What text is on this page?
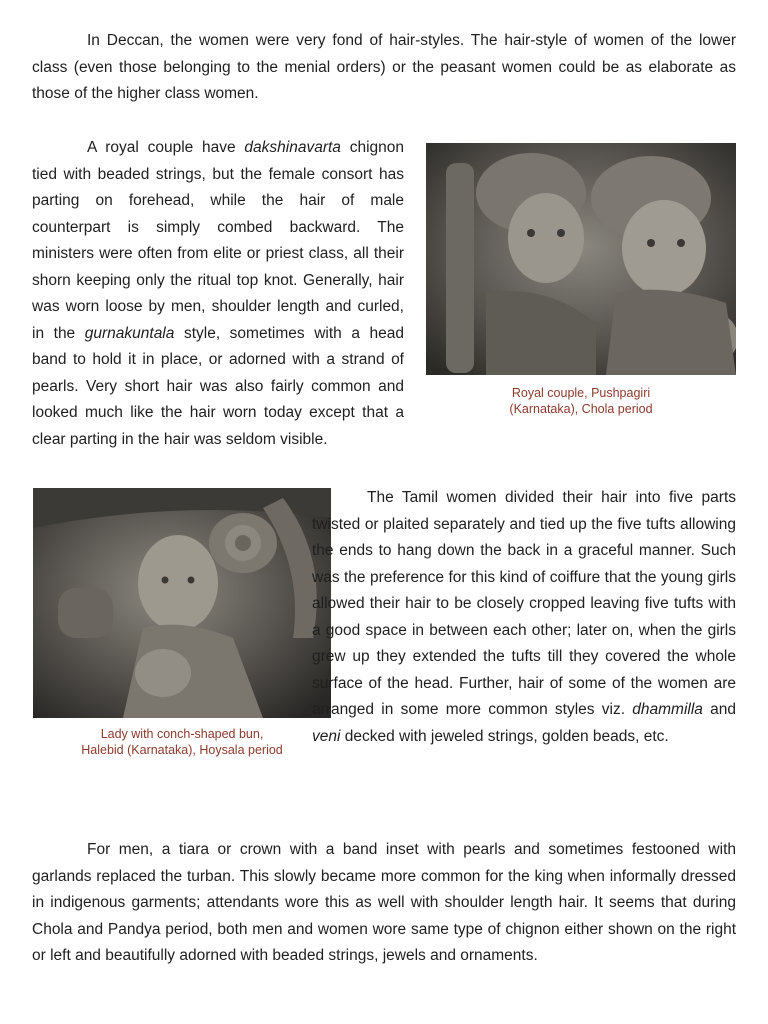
In Deccan, the women were very fond of hair-styles. The hair-style of women of the lower class (even those belonging to the menial orders) or the peasant women could be as elaborate as those of the higher class women.

A royal couple have dakshinavarta chignon tied with beaded strings, but the female consort has parting on forehead, while the hair of male counterpart is simply combed backward. The ministers were often from elite or priest class, all their shorn keeping only the ritual top knot. Generally, hair was worn loose by men, shoulder length and curled, in the gurnakuntala style, sometimes with a head band to hold it in place, or adorned with a strand of pearls. Very short hair was also fairly common and looked much like the hair worn today except that a clear parting in the hair was seldom visible.

Royal couple, Pushpagiri
(Karnataka), Chola period
Lady with conch-shaped bun,
Halebid (Karnataka), Hoysala period

The Tamil women divided their hair into five parts twisted or plaited separately and tied up the five tufts allowing the ends to hang down the back in a graceful manner. Such was the preference for this kind of coiffure that the young girls allowed their hair to be closely cropped leaving five tufts with a good space in between each other; later on, when the girls grew up they extended the tufts till they covered the whole surface of the head. Further, hair of some of the women are arranged in some more common styles viz. dhammilla and veni decked with jeweled strings, golden beads, etc.

For men, a tiara or crown with a band inset with pearls and sometimes festooned with garlands replaced the turban. This slowly became more common for the king when informally dressed in indigenous garments; attendants wore this as well with shoulder length hair. It seems that during Chola and Pandya period, both men and women wore same type of chignon either shown on the right or left and beautifully adorned with beaded strings, jewels and ornaments.
